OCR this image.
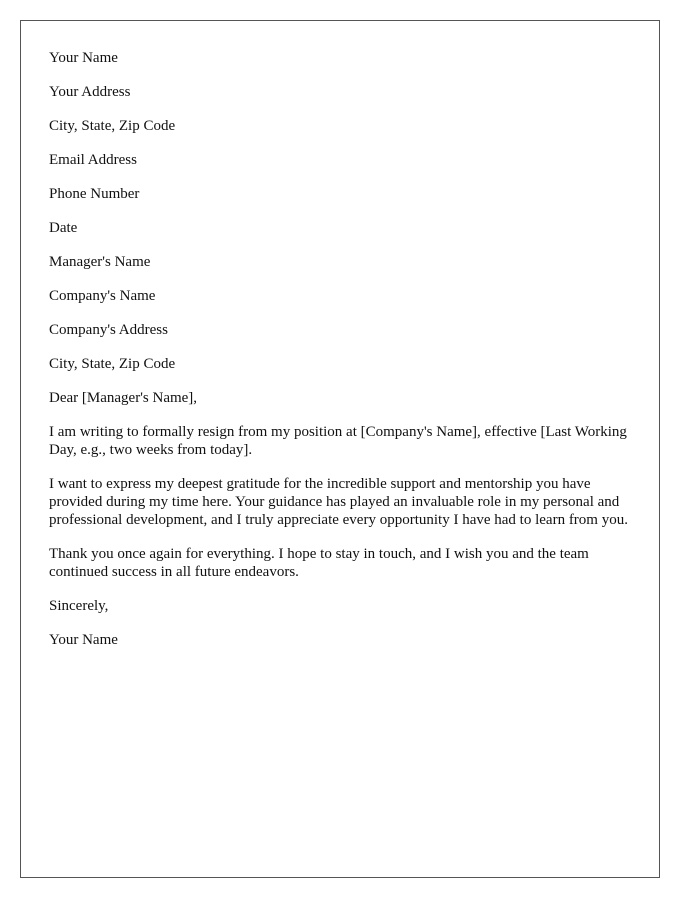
Your Name

Your Address

City, State, Zip Code

Email Address

Phone Number

Date

Manager's Name

Company's Name

Company's Address

City, State, Zip Code

Dear [Manager's Name],

I am writing to formally resign from my position at [Company's Name], effective [Last Working Day, e.g., two weeks from today].

I want to express my deepest gratitude for the incredible support and mentorship you have provided during my time here. Your guidance has played an invaluable role in my personal and professional development, and I truly appreciate every opportunity I have had to learn from you.

Thank you once again for everything. I hope to stay in touch, and I wish you and the team continued success in all future endeavors.

Sincerely,

Your Name
